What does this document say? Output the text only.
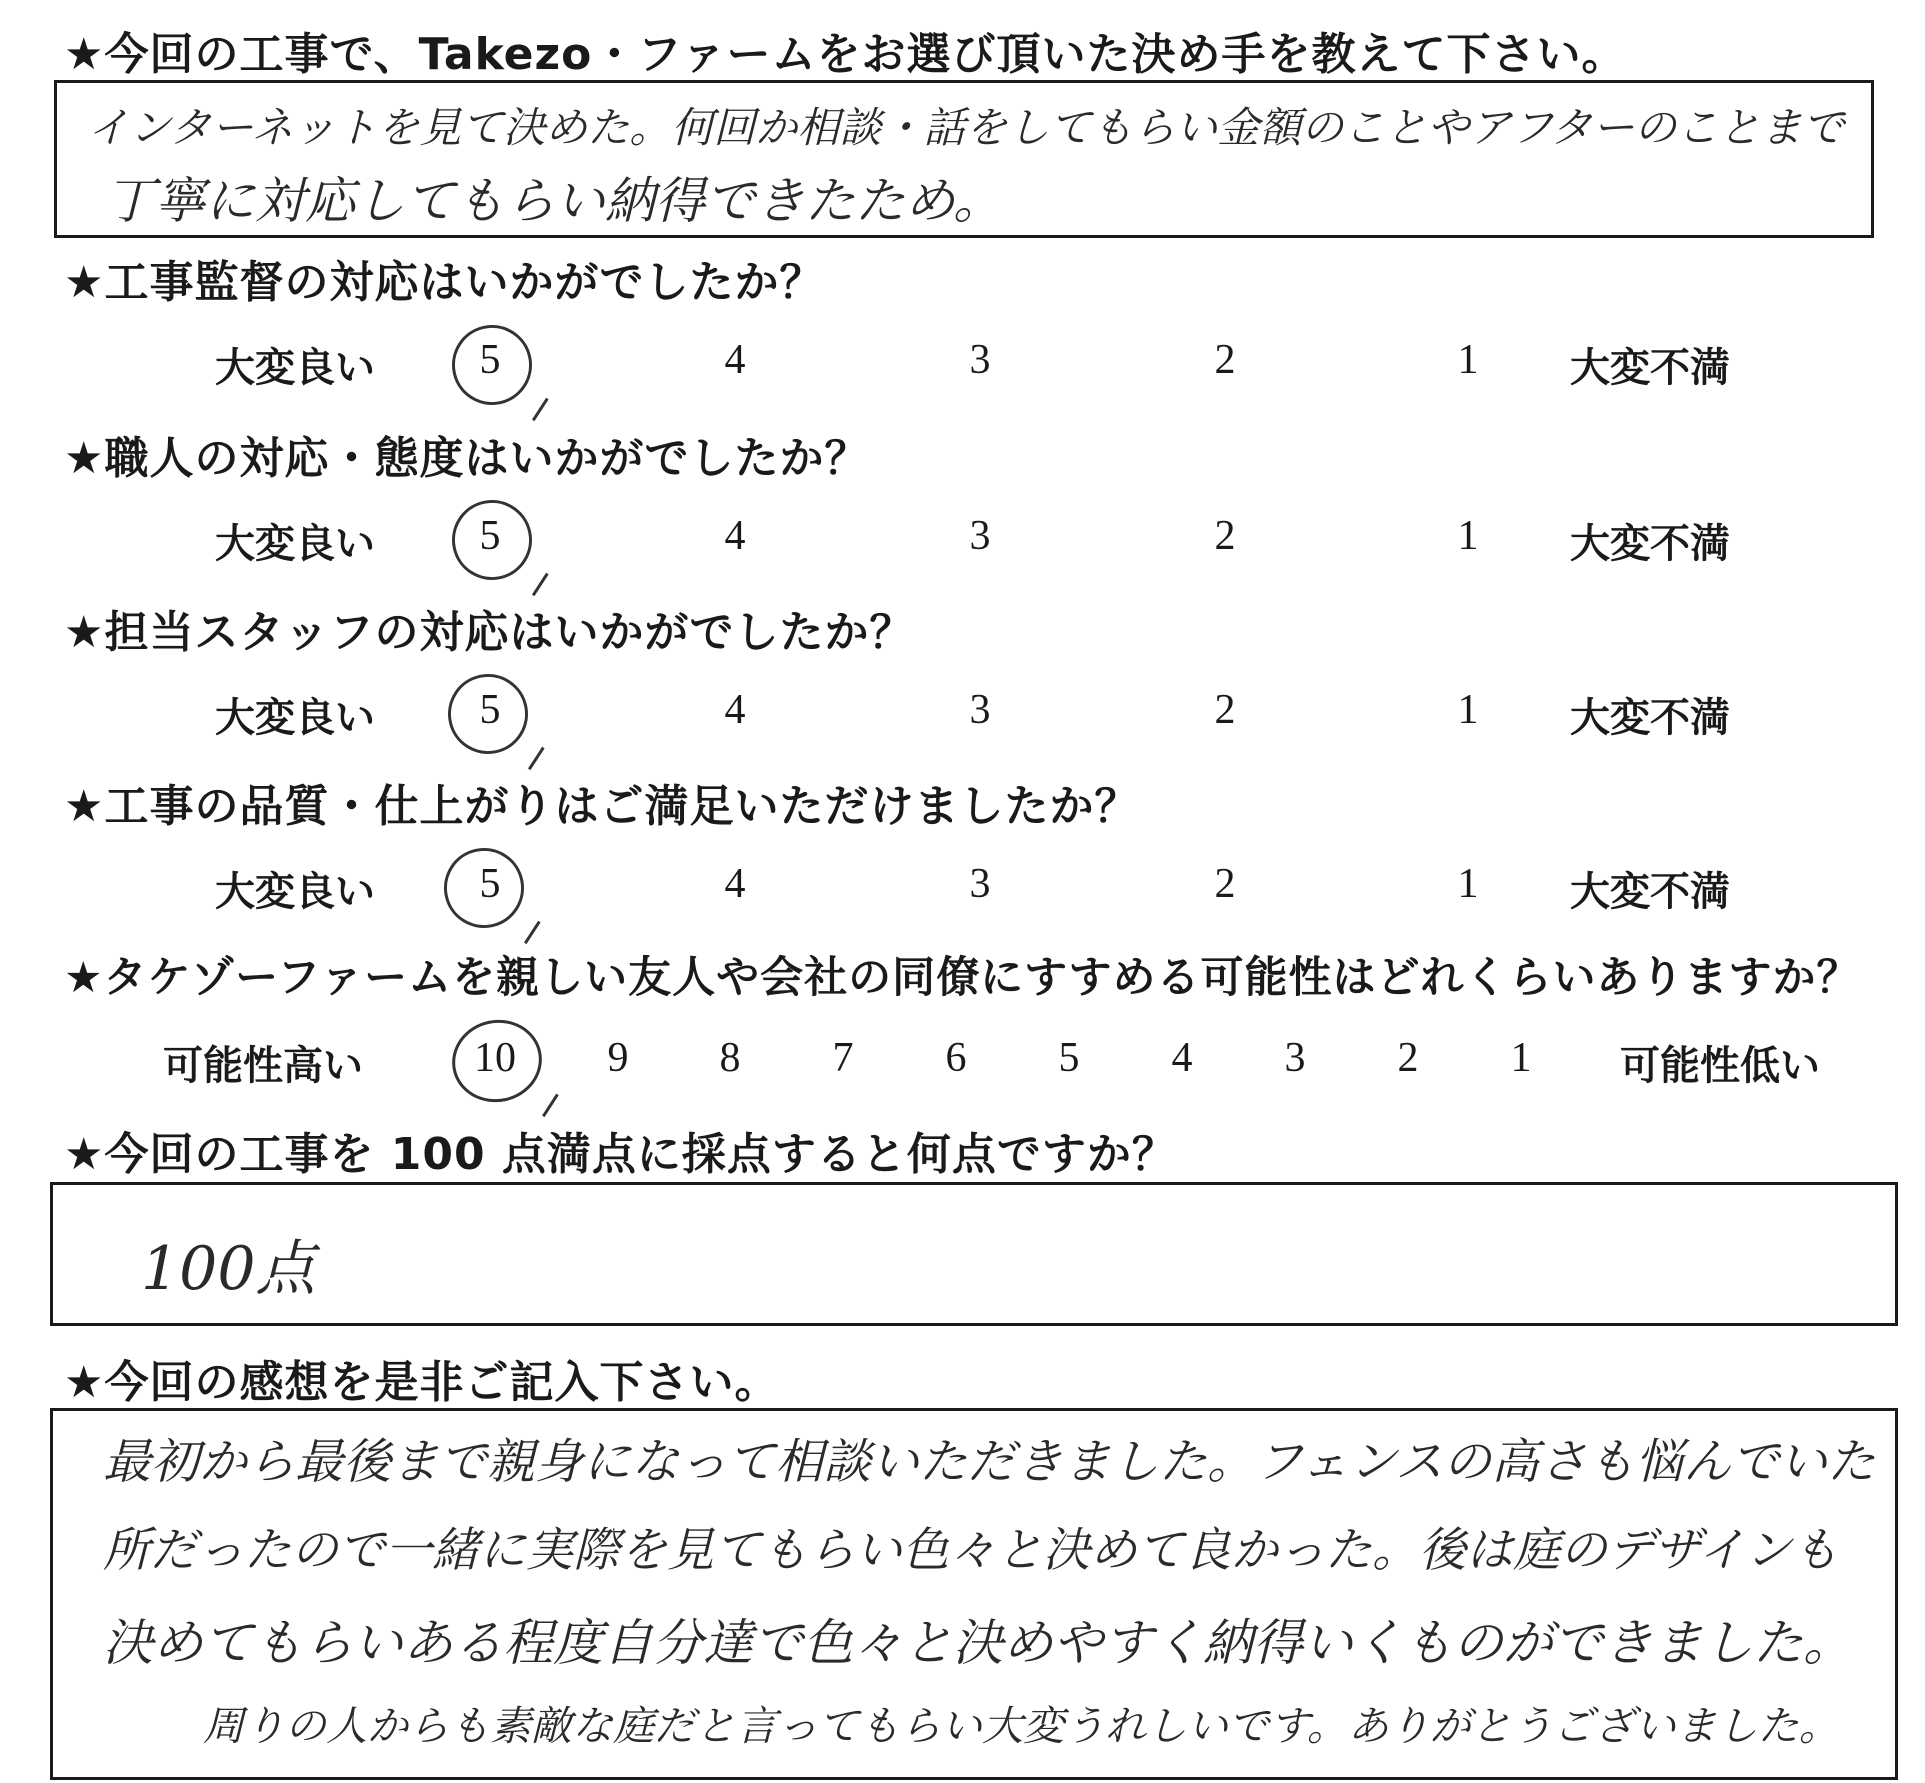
★今回の工事で、Takezo・ファームをお選び頂いた決め手を教えて下さい。
インターネットを見て決めた。何回か相談・話をしてもらい金額のことやアフターのことまで
丁寧に対応してもらい納得できたため。
★工事監督の対応はいかがでしたか？
大変良い	5	4	3	2	1	大変不満
★職人の対応・態度はいかがでしたか？
大変良い	5	4	3	2	1	大変不満
★担当スタッフの対応はいかがでしたか？
大変良い	5	4	3	2	1	大変不満
★工事の品質・仕上がりはご満足いただけましたか？
大変良い	5	4	3	2	1	大変不満
★タケゾーファームを親しい友人や会社の同僚にすすめる可能性はどれくらいありますか？
可能性高い	10	9	8	7	6	5	4	3	2	1	可能性低い
★今回の工事を 100 点満点に採点すると何点ですか？
100点
★今回の感想を是非ご記入下さい。
最初から最後まで親身になって相談いただきました。フェンスの高さも悩んでいた
所だったので一緒に実際を見てもらい色々と決めて良かった。後は庭のデザインも
決めてもらいある程度自分達で色々と決めやすく納得いくものができました。
周りの人からも素敵な庭だと言ってもらい大変うれしいです。ありがとうございました。
